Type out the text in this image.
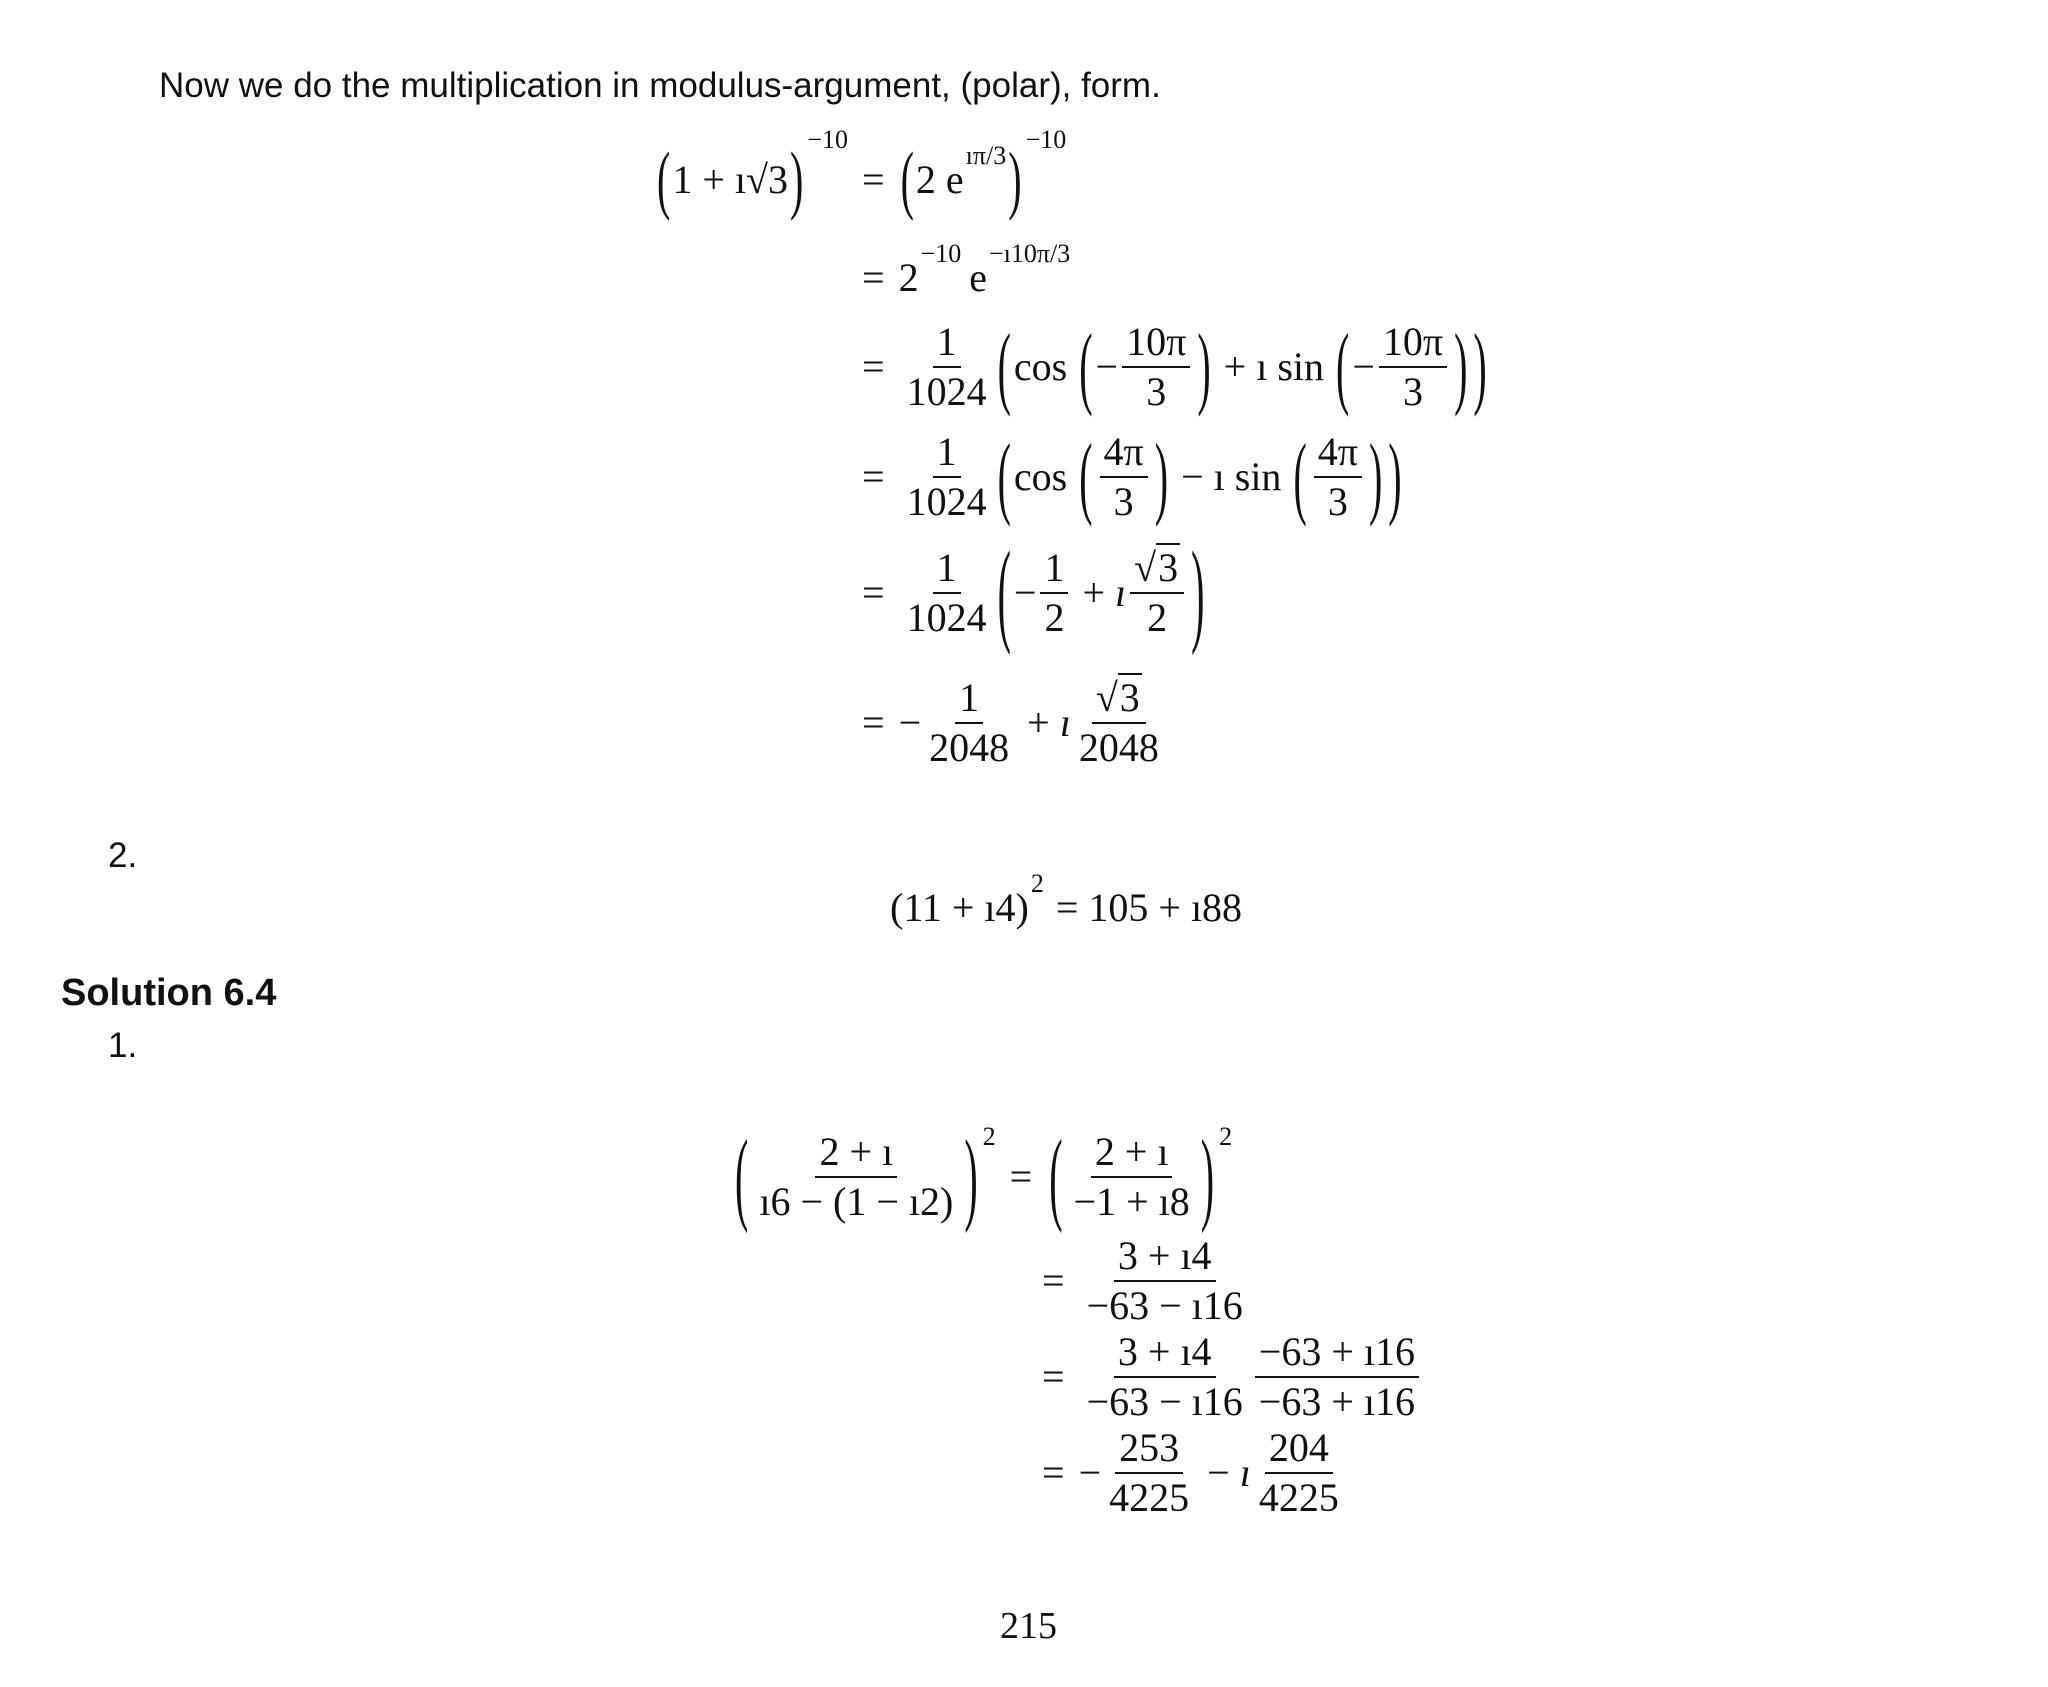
Now we do the multiplication in modulus-argument, (polar), form.
( 1 + ı√3 ) −10
= ( 2 e
$^{ı\pi/3}$ ) −10
= 2
$^{-10}$
e
$^{-ı10\pi/3}$
= $\frac{1}{1024}$ ( cos ( − $\frac{10\pi}{3}$ ) + ı sin ( − $\frac{10\pi}{3}$ ) )
= $\frac{1}{1024}$ ( cos ( $\frac{4\pi}{3}$ ) − ı sin ( $\frac{4\pi}{3}$ ) )
= $\frac{1}{1024}$ ( − $\frac{1}{2}$ + ı $\frac{√3}{2}$ )
= − $\frac{1}{2048}$ + ı $\frac{√3}{2048}$
2.
(11 + ı4)
$^2$
= 105 + ı88
Solution 6.4
1.
( $\frac{2 + ı}{ı6 - (1 - ı2)}$ ) 2
= ( $\frac{2 + ı}{-1 + ı8}$ ) 2
= $\frac{3 + ı4}{-63 - ı16}$
= $\frac{3 + ı4}{-63 - ı16} \frac{-63 + ı16}{-63 + ı16}$
= − $\frac{253}{4225}$ − ı $\frac{204}{4225}$
215
